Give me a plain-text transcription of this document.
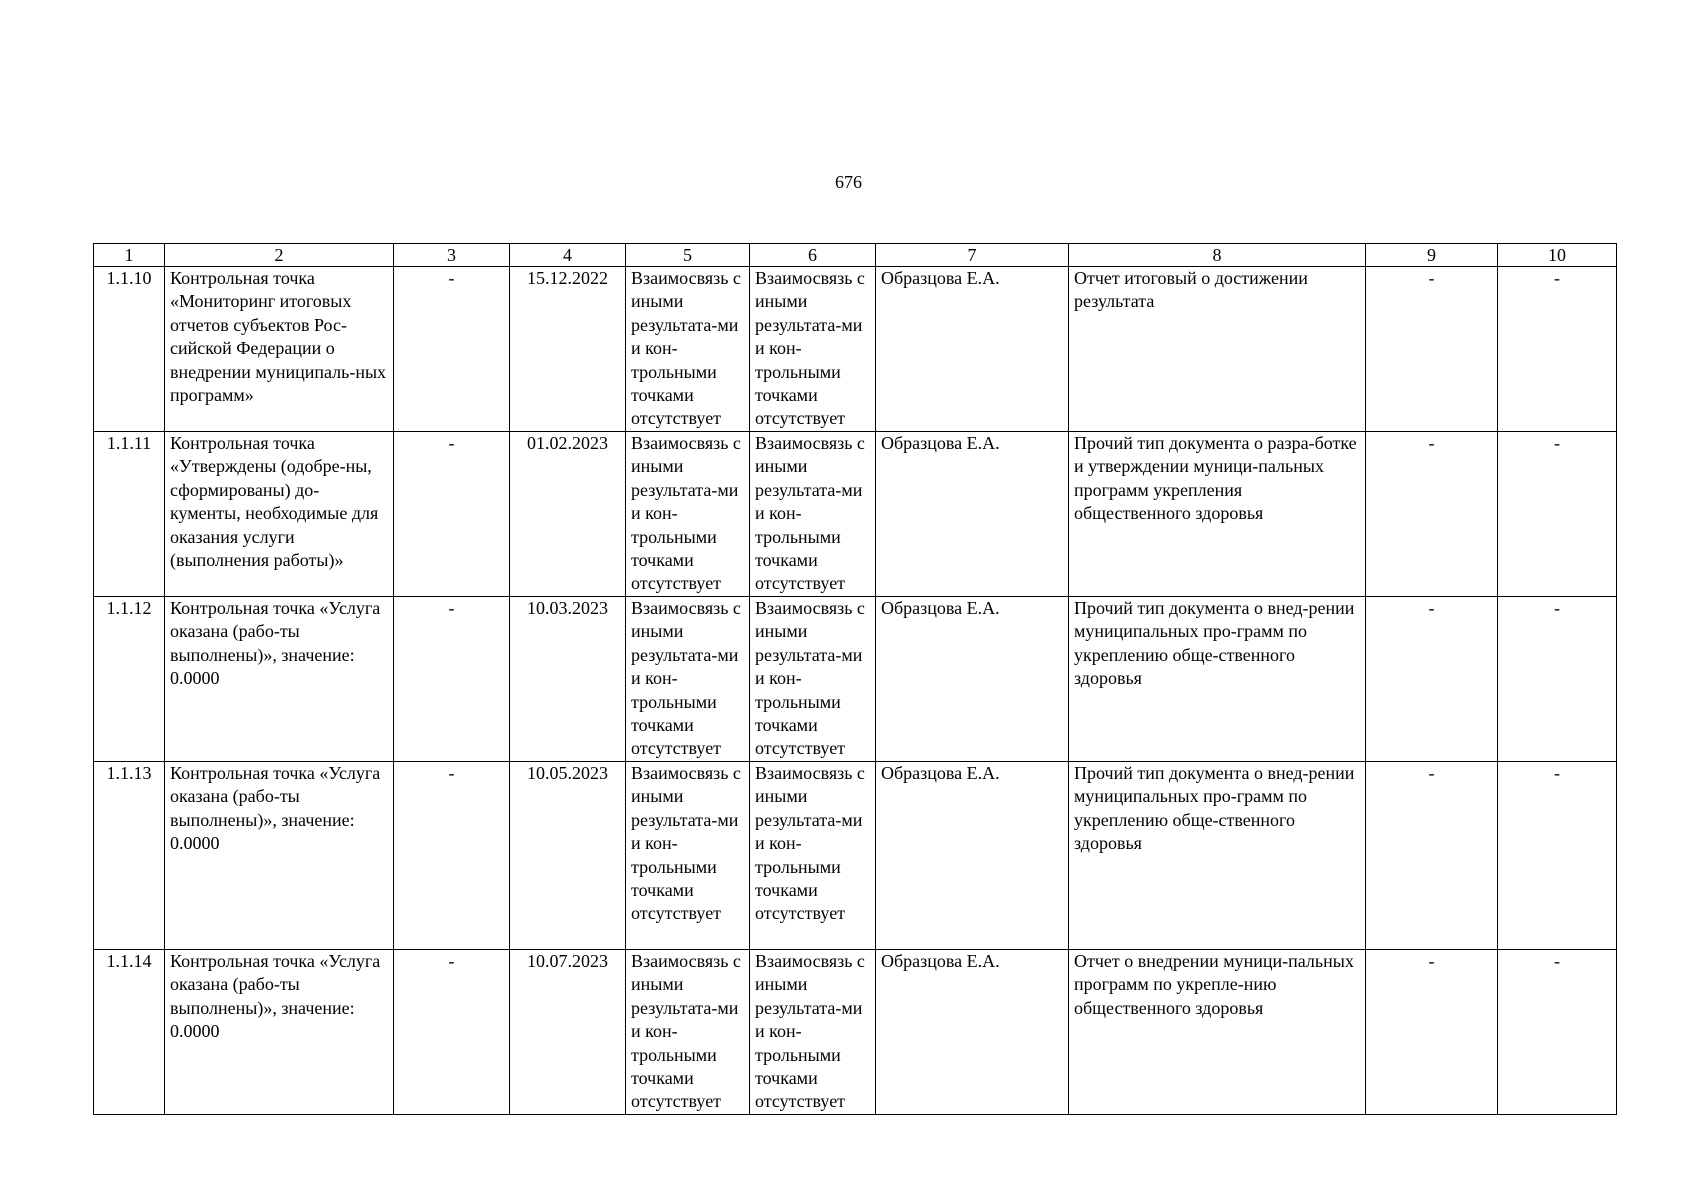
676
1	2	3	4	5	6	7	8	9	10
1.1.10	Контрольная точка «Мониторинг итоговых отчетов субъектов Рос-сийской Федерации о внедрении муниципаль-ных программ»	-	15.12.2022	Взаимосвязь с иными результата-ми и кон-трольными точками отсутствует	Взаимосвязь с иными результата-ми и кон-трольными точками отсутствует	Образцова Е.А.	Отчет итоговый о достижении результата	-	-
1.1.11	Контрольная точка «Утверждены (одобре-ны, сформированы) до-кументы, необходимые для оказания услуги (выполнения работы)»	-	01.02.2023	Взаимосвязь с иными результата-ми и кон-трольными точками отсутствует	Взаимосвязь с иными результата-ми и кон-трольными точками отсутствует	Образцова Е.А.	Прочий тип документа о разра-ботке и утверждении муници-пальных программ укрепления общественного здоровья	-	-
1.1.12	Контрольная точка «Услуга оказана (рабо-ты выполнены)», значение: 0.0000	-	10.03.2023	Взаимосвязь с иными результата-ми и кон-трольными точками отсутствует	Взаимосвязь с иными результата-ми и кон-трольными точками отсутствует	Образцова Е.А.	Прочий тип документа о внед-рении муниципальных про-грамм по укреплению обще-ственного здоровья	-	-
1.1.13	Контрольная точка «Услуга оказана (рабо-ты выполнены)», значение: 0.0000	-	10.05.2023	Взаимосвязь с иными результата-ми и кон-трольными точками отсутствует	Взаимосвязь с иными результата-ми и кон-трольными точками отсутствует	Образцова Е.А.	Прочий тип документа о внед-рении муниципальных про-грамм по укреплению обще-ственного здоровья	-	-
1.1.14	Контрольная точка «Услуга оказана (рабо-ты выполнены)», значение: 0.0000	-	10.07.2023	Взаимосвязь с иными результата-ми и кон-трольными точками отсутствует	Взаимосвязь с иными результата-ми и кон-трольными точками отсутствует	Образцова Е.А.	Отчет о внедрении муници-пальных программ по укрепле-нию общественного здоровья	-	-
